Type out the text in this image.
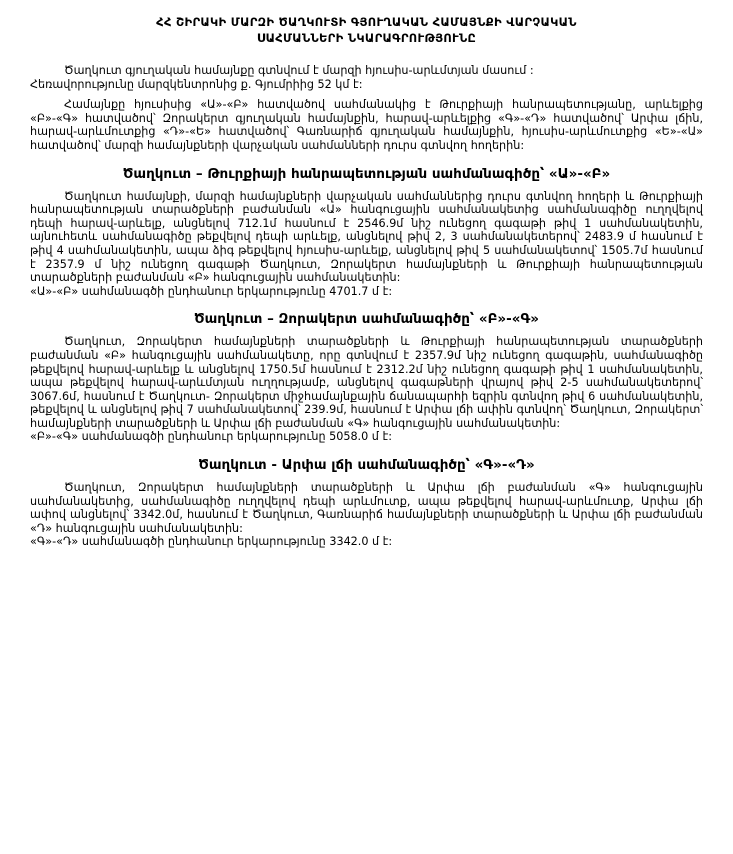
ՀՀ ՇԻՐԱԿԻ ՄԱՐԶԻ ԾԱՂԿՈՒՏԻ ԳՅՈՒՂԱԿԱՆ ՀԱՄԱՅՆՔԻ ՎԱՐՉԱԿԱՆ
ՍԱՀՄԱՆՆԵՐԻ ՆԿԱՐԱԳՐՈՒԹՅՈՒՆԸ

Ծաղկուտ գյուղական համայնքը գտնվում է մարզի հյուսիս-արևմտյան մասում :

Հեռավորությունը մարզկենտրոնից ք. Գյումրիից 52 կմ է:

Համայնքը հյուսիսից «Ա»-«Բ» հատվածով սահմանակից է Թուրքիայի հանրապետությանը, արևելքից «Բ»-«Գ» հատվածով՝ Զորակերտ գյուղական համայնքին, հարավ-արևելքից «Գ»-«Դ» հատվածով՝ Արփա լճին, հարավ-արևմուտքից «Դ»-«Ե» հատվածով՝ Գառնարիճ գյուղական համայնքին, հյուսիս-արևմուտքից «Ե»-«Ա» հատվածով՝ մարզի համայնքների վարչական սահմանների դուրս գտնվող հողերին:

Ծաղկուտ – Թուրքիայի հանրապետության սահմանագիծը՝ «Ա»-«Բ»

Ծաղկուտ համայնքի, մարզի համայնքների վարչական սահմաններից դուրս գտնվող հողերի և Թուրքիայի հանրապետության տարածքների բաժանման «Ա» հանգուցային սահմանակետից սահմանագիծը ուղղվելով դեպի հարավ-արևելք, անցնելով 712.1մ հասնում է 2546.9մ նիշ ունեցող գագաթի թիվ 1 սահմանակետին, այնուհետև սահմանագիծը թեքվելով դեպի արևելք, անցնելով թիվ 2, 3 սահմանակետերով՝ 2483.9 մ հասնում է թիվ 4 սահմանակետին, ապա ձիգ թեքվելով հյուսիս-արևելք, անցնելով թիվ 5 սահմանակետով՝ 1505.7մ հասնում է 2357.9 մ նիշ ունեցող գագաթի Ծաղկուտ, Զորակերտ համայնքների և Թուրքիայի հանրապետության տարածքների բաժանման «Բ» հանգուցային սահմանակետին:

«Ա»-«Բ» սահմանագծի ընդհանուր երկարությունը 4701.7 մ է:

Ծաղկուտ – Զորակերտ սահմանագիծը՝ «Բ»-«Գ»

Ծաղկուտ, Զորակերտ համայնքների տարածքների և Թուրքիայի հանրապետության տարածքների բաժանման «Բ» հանգուցային սահմանակետը, որը գտնվում է 2357.9մ նիշ ունեցող գագաթին, սահմանագիծը թեքվելով հարավ-արևելք և անցնելով 1750.5մ հասնում է 2312.2մ նիշ ունեցող գագաթի թիվ 1 սահմանակետին, ապա թեքվելով հարավ-արևմտյան ուղղությամբ, անցնելով գագաթների վրայով թիվ 2-5 սահմանակետերով՝ 3067.6մ, հասնում է Ծաղկուտ- Զորակերտ միջհամայնքային ճանապարհի եզրին գտնվող թիվ 6 սահմանակետին, թեքվելով և անցնելով թիվ 7 սահմանակետով՝ 239.9մ, հասնում է Արփա լճի ափին գտնվող՝ Ծաղկուտ, Զորակերտ՝ համայնքների տարածքների և Արփա լճի բաժանման «Գ» հանգուցային սահմանակետին:

«Բ»-«Գ» սահմանագծի ընդհանուր երկարությունը 5058.0 մ է:

Ծաղկուտ - Արփա լճի սահմանագիծը՝ «Գ»-«Դ»

Ծաղկուտ, Զորակերտ համայնքների տարածքների և Արփա լճի բաժանման «Գ» հանգուցային սահմանակետից, սահմանագիծը ուղղվելով դեպի արևմուտք, ապա թեքվելով հարավ-արևմուտք, Արփա լճի ափով անցնելով՝ 3342.0մ, հասնում է Ծաղկուտ, Գառնարիճ համայնքների տարածքների և Արփա լճի բաժանման «Դ» հանգուցային սահմանակետին:

«Գ»-«Դ» սահմանագծի ընդհանուր երկարությունը 3342.0 մ է:
